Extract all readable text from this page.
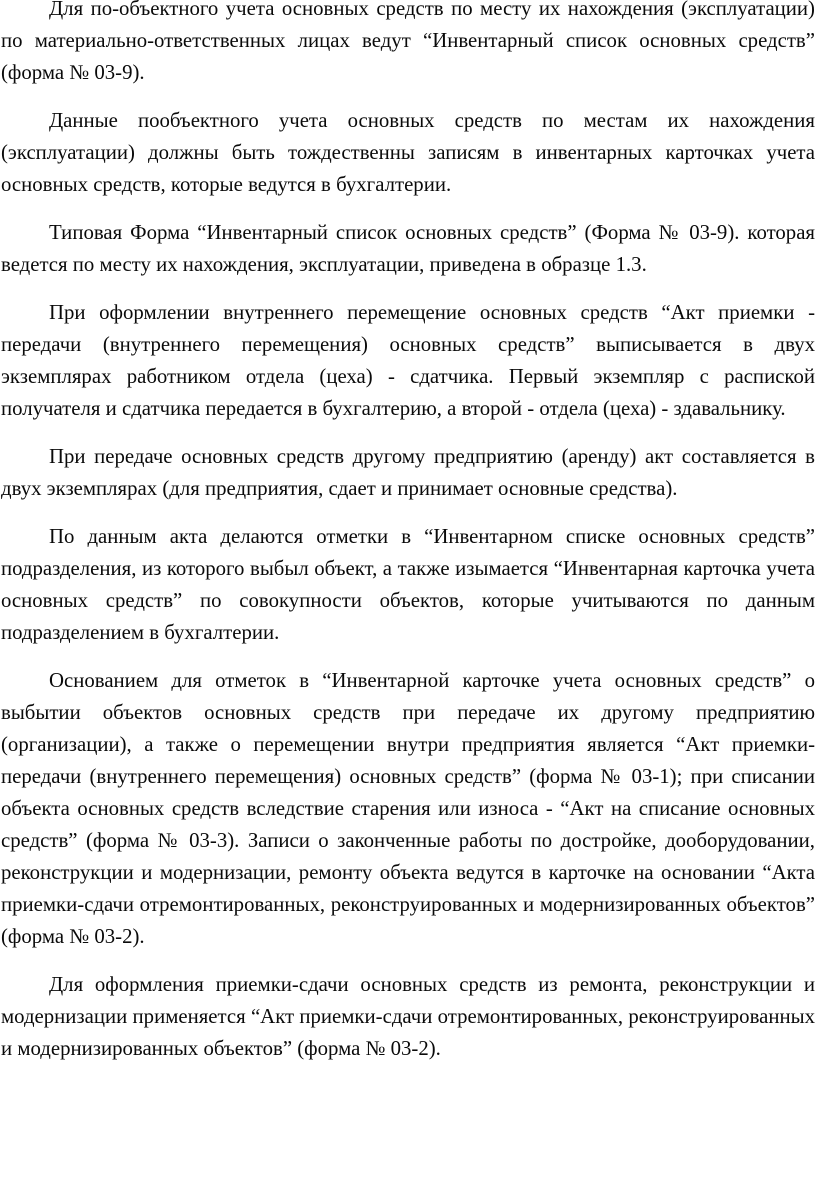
Для по-объектного учета основных средств по месту их нахождения (эксплуатации) по материально-ответственных лицах ведут “Инвентарный список основных средств” (форма № 03-9).

Данные пообъектного учета основных средств по местам их нахождения (эксплуатации) должны быть тождественны записям в инвентарных карточках учета основных средств, которые ведутся в бухгалтерии.

Типовая Форма “Инвентарный список основных средств” (Форма № 03-9). которая ведется по месту их нахождения, эксплуатации, приведена в образце 1.3.

При оформлении внутреннего перемещение основных средств “Акт приемки - передачи (внутреннего перемещения) основных средств” выписывается в двух экземплярах работником отдела (цеха) - сдатчика. Первый экземпляр с распиской получателя и сдатчика передается в бухгалтерию, а второй - отдела (цеха) - здавальнику.

При передаче основных средств другому предприятию (аренду) акт составляется в двух экземплярах (для предприятия, сдает и принимает основные средства).

По данным акта делаются отметки в “Инвентарном списке основных средств” подразделения, из которого выбыл объект, а также изымается “Инвентарная карточка учета основных средств” по совокупности объектов, которые учитываются по данным подразделением в бухгалтерии.

Основанием для отметок в “Инвентарной карточке учета основных средств” о выбытии объектов основных средств при передаче их другому предприятию (организации), а также о перемещении внутри предприятия является “Акт приемки-передачи (внутреннего перемещения) основных средств” (форма № 03-1); при списании объекта основных средств вследствие старения или износа - “Акт на списание основных средств” (форма № 03-3). Записи о законченные работы по достройке, дооборудовании, реконструкции и модернизации, ремонту объекта ведутся в карточке на основании “Акта приемки-сдачи отремонтированных, реконструированных и модернизированных объектов” (форма № 03-2).

Для оформления приемки-сдачи основных средств из ремонта, реконструкции и модернизации применяется “Акт приемки-сдачи отремонтированных, реконструированных и модернизированных объектов” (форма № 03-2).
